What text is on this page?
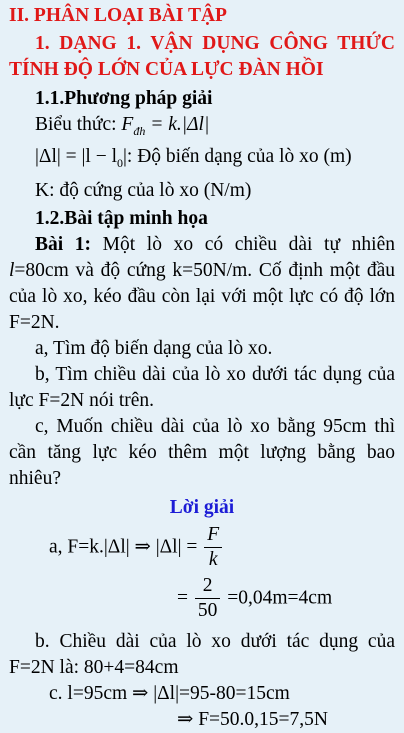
II. PHÂN LOẠI BÀI TẬP

1. DẠNG 1. VẬN DỤNG CÔNG THỨC TÍNH ĐỘ LỚN CỦA LỰC ĐÀN HỒI

1.1.Phương pháp giải

Biểu thức: $F_{đh} = k.|\Delta l|$

$|\Delta l| = |l - l_0|$: Độ biến dạng của lò xo (m)

K: độ cứng của lò xo (N/m)

1.2.Bài tập minh họa

Bài 1: Một lò xo có chiều dài tự nhiên l=80cm và độ cứng k=50N/m. Cố định một đầu của lò xo, kéo đầu còn lại với một lực có độ lớn F=2N.

a, Tìm độ biến dạng của lò xo.

b, Tìm chiều dài của lò xo dưới tác dụng của lực F=2N nói trên.

c, Muốn chiều dài của lò xo bằng 95cm thì cần tăng lực kéo thêm một lượng bằng bao nhiêu?

Lời giải

a, F=k.|Δl| ⇒ $|\Delta l| = \frac{F}{k}$

= $\frac{2}{50} =0,04m=4cm$

b. Chiều dài của lò xo dưới tác dụng của F=2N là: 80+4=84cm

c. l=95cm ⇒ |Δl|=95-80=15cm

⇒ F=50.0,15=7,5N
